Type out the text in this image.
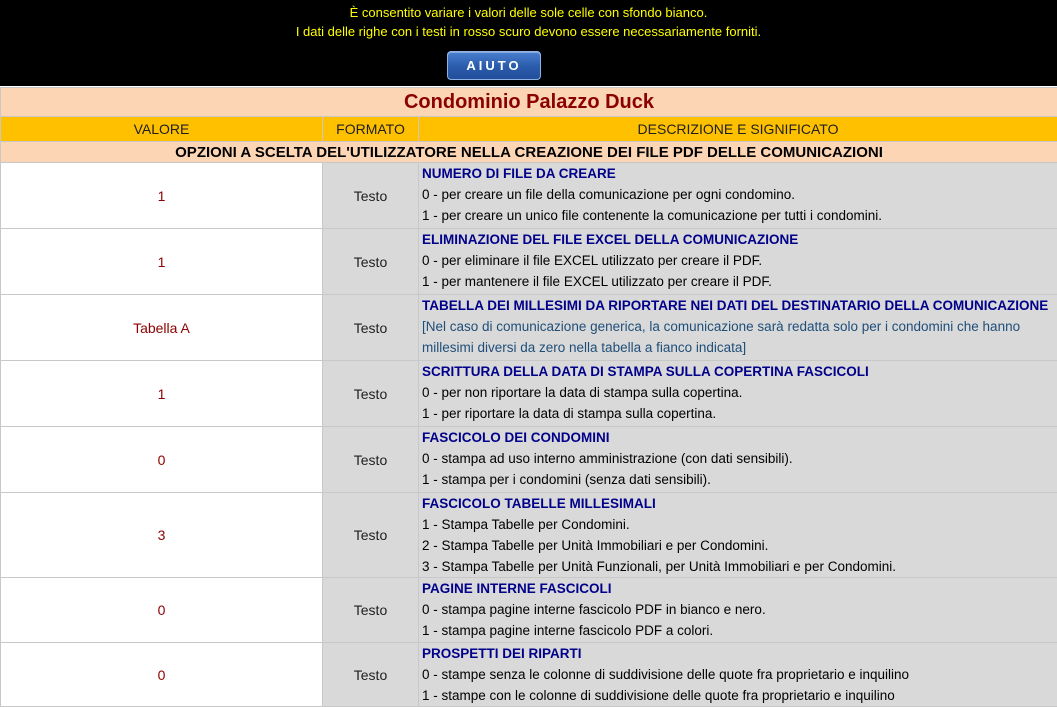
È consentito variare i valori delle sole celle con sfondo bianco.
I dati delle righe con i testi in rosso scuro devono essere necessariamente forniti.
AIUTO
Condominio Palazzo Duck		
VALORE	FORMATO	DESCRIZIONE E SIGNIFICATO
OPZIONI A SCELTA DEL'UTILIZZATORE NELLA CREAZIONE DEI FILE PDF DELLE COMUNICAZIONI		
1	Testo	NUMERO DI FILE DA CREARE
0 - per creare un file della comunicazione per ogni condomino.
1 - per creare un unico file contenente la comunicazione per tutti i condomini.

1	Testo	ELIMINAZIONE DEL FILE EXCEL DELLA COMUNICAZIONE
0 - per eliminare il file EXCEL utilizzato per creare il PDF.
1 - per mantenere il file EXCEL utilizzato per creare il PDF.

Tabella A	Testo	TABELLA DEI MILLESIMI DA RIPORTARE NEI DATI DEL DESTINATARIO DELLA COMUNICAZIONE
[Nel caso di comunicazione generica, la comunicazione sarà redatta solo per i condomini che hanno millesimi diversi da zero nella tabella a fianco indicata]

1	Testo	SCRITTURA DELLA DATA DI STAMPA SULLA COPERTINA FASCICOLI
0 - per non riportare la data di stampa sulla copertina.
1 - per riportare la data di stampa sulla copertina.

0	Testo	FASCICOLO DEI CONDOMINI
0 - stampa ad uso interno amministrazione (con dati sensibili).
1 - stampa per i condomini (senza dati sensibili).

3	Testo	FASCICOLO TABELLE MILLESIMALI
1 - Stampa Tabelle per Condomini.
2 - Stampa Tabelle per Unità Immobiliari e per Condomini.
3 - Stampa Tabelle per Unità Funzionali, per Unità Immobiliari e per Condomini.

0	Testo	PAGINE INTERNE FASCICOLI
0 - stampa pagine interne fascicolo PDF in bianco e nero.
1 - stampa pagine interne fascicolo PDF a colori.

0	Testo	PROSPETTI DEI RIPARTI
0 - stampe senza le colonne di suddivisione delle quote fra proprietario e inquilino
1 - stampe con le colonne di suddivisione delle quote fra proprietario e inquilino
